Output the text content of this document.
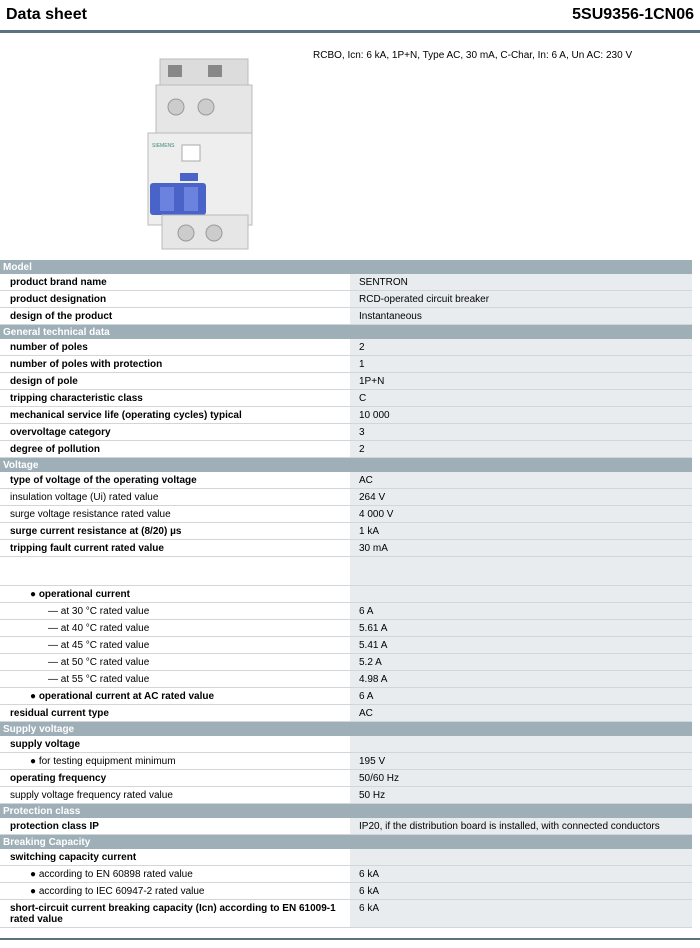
Data sheet	5SU9356-1CN06
RCBO, Icn: 6 kA, 1P+N, Type AC, 30 mA, C-Char, In: 6 A, Un AC: 230 V
SIEMENS
Model	
product brand name	SENTRON
product designation	RCD-operated circuit breaker
design of the product	Instantaneous
General technical data	
number of poles	2
number of poles with protection	1
design of pole	1P+N
tripping characteristic class	C
mechanical service life (operating cycles) typical	10 000
overvoltage category	3
degree of pollution	2
Voltage	
type of voltage of the operating voltage	AC
insulation voltage (Ui) rated value	264 V
surge voltage resistance rated value	4 000 V
surge current resistance at (8/20) µs	1 kA
tripping fault current rated value	30 mA

● operational current	
— at 30 °C rated value	6 A
— at 40 °C rated value	5.61 A
— at 45 °C rated value	5.41 A
— at 50 °C rated value	5.2 A
— at 55 °C rated value	4.98 A
● operational current at AC rated value	6 A
residual current type	AC
Supply voltage	
supply voltage	
● for testing equipment minimum	195 V
operating frequency	50/60 Hz
supply voltage frequency rated value	50 Hz
Protection class	
protection class IP	IP20, if the distribution board is installed, with connected conductors
Breaking Capacity	
switching capacity current	
● according to EN 60898 rated value	6 kA
● according to IEC 60947-2 rated value	6 kA
short-circuit current breaking capacity (Icn) according to EN 61009-1 rated value	6 kA
